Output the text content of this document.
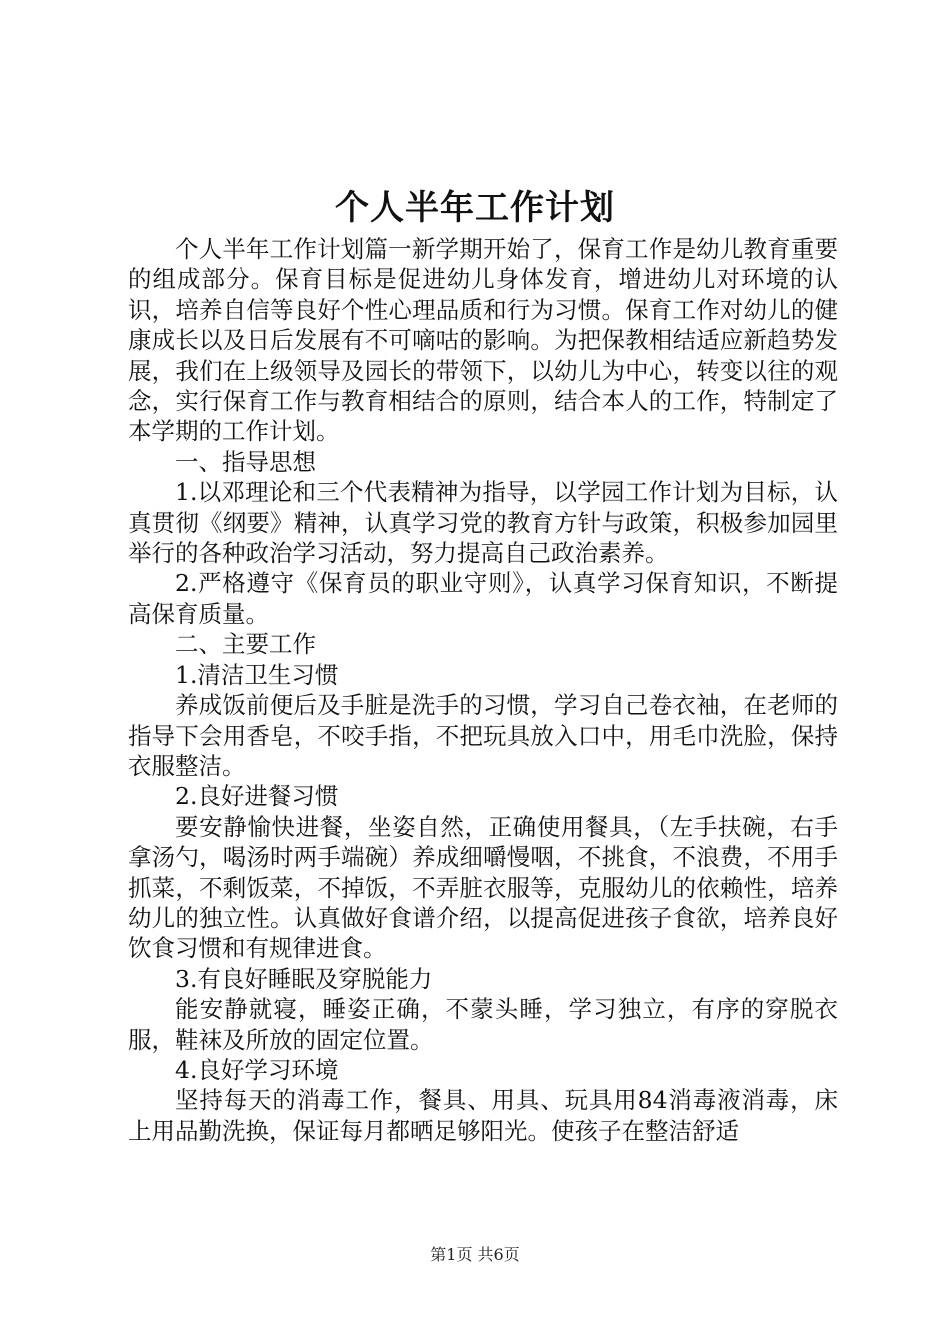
个人半年工作计划

个人半年工作计划篇一新学期开始了，保育工作是幼儿教育重要的组成部分。保育目标是促进幼儿身体发育，增进幼儿对环境的认识，培养自信等良好个性心理品质和行为习惯。保育工作对幼儿的健康成长以及日后发展有不可嘀咕的影响。为把保教相结适应新趋势发展，我们在上级领导及园长的带领下，以幼儿为中心，转变以往的观念，实行保育工作与教育相结合的原则，结合本人的工作，特制定了本学期的工作计划。

一、指导思想

1.以邓理论和三个代表精神为指导，以学园工作计划为目标，认真贯彻《纲要》精神，认真学习党的教育方针与政策，积极参加园里举行的各种政治学习活动，努力提高自己政治素养。

2.严格遵守《保育员的职业守则》，认真学习保育知识，不断提高保育质量。

二、主要工作

1.清洁卫生习惯

养成饭前便后及手脏是洗手的习惯，学习自己卷衣袖，在老师的指导下会用香皂，不咬手指，不把玩具放入口中，用毛巾洗脸，保持衣服整洁。

2.良好进餐习惯

要安静愉快进餐，坐姿自然，正确使用餐具，（左手扶碗，右手拿汤勺，喝汤时两手端碗）养成细嚼慢咽，不挑食，不浪费，不用手抓菜，不剩饭菜，不掉饭，不弄脏衣服等，克服幼儿的依赖性，培养幼儿的独立性。认真做好食谱介绍，以提高促进孩子食欲，培养良好饮食习惯和有规律进食。

3.有良好睡眠及穿脱能力

能安静就寝，睡姿正确，不蒙头睡，学习独立，有序的穿脱衣服，鞋袜及所放的固定位置。

4.良好学习环境

坚持每天的消毒工作，餐具、用具、玩具用84消毒液消毒，床上用品勤洗换，保证每月都晒足够阳光。使孩子在整洁舒适

第1页 共6页
